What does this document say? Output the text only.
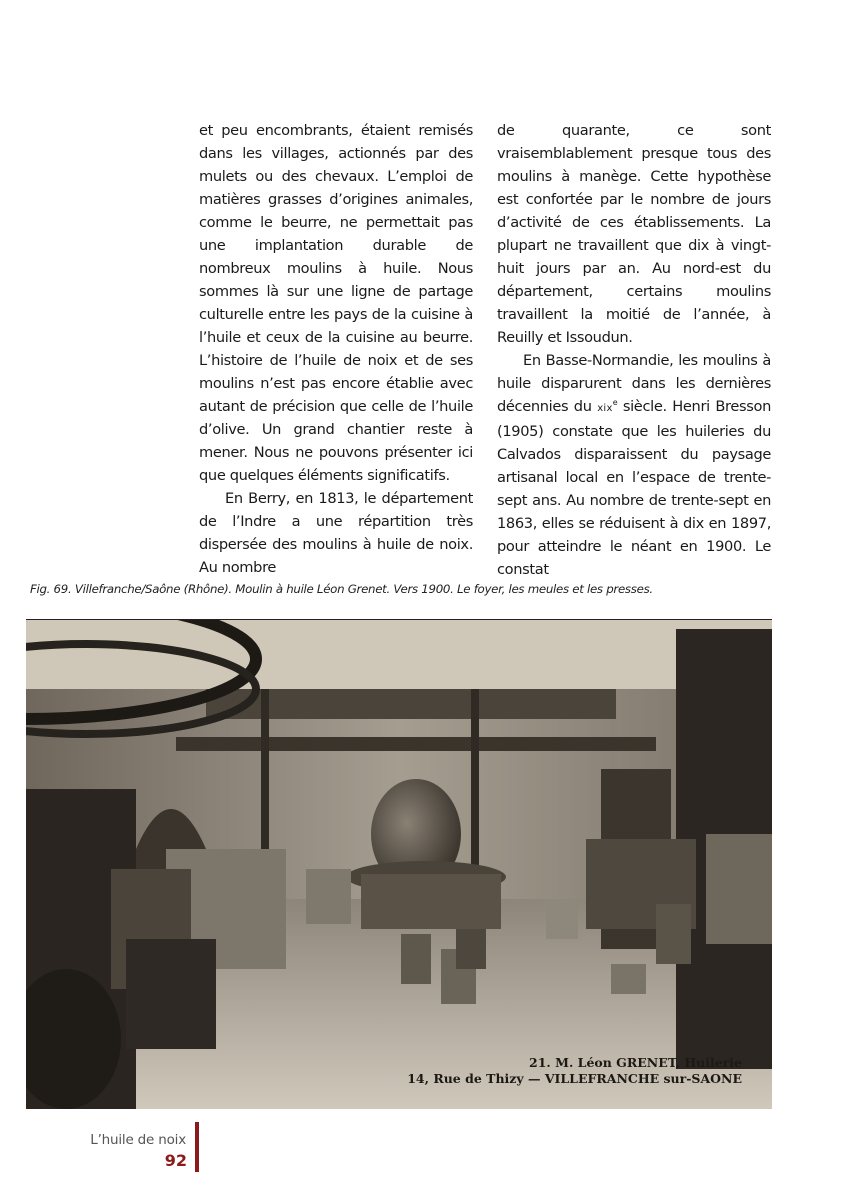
et peu encombrants, étaient remisés dans les villages, actionnés par des mulets ou des chevaux. L’emploi de matières grasses d’origines animales, comme le beurre, ne permettait pas une implantation durable de nombreux moulins à huile. Nous sommes là sur une ligne de partage culturelle entre les pays de la cuisine à l’huile et ceux de la cuisine au beurre. L’histoire de l’huile de noix et de ses moulins n’est pas encore établie avec autant de précision que celle de l’huile d’olive. Un grand chantier reste à mener. Nous ne pouvons présenter ici que quelques éléments significatifs.

En Berry, en 1813, le département de l’Indre a une répartition très dispersée des moulins à huile de noix. Au nombre

de quarante, ce sont vraisemblablement presque tous des moulins à manège. Cette hypothèse est confortée par le nombre de jours d’activité de ces établissements. La plupart ne travaillent que dix à vingt-huit jours par an. Au nord-est du département, certains moulins travaillent la moitié de l’année, à Reuilly et Issoudun.

En Basse-Normandie, les moulins à huile disparurent dans les dernières décennies du xix$^e$ siècle. Henri Bresson (1905) constate que les huileries du Calvados disparaissent du paysage artisanal local en l’espace de trente-sept ans. Au nombre de trente-sept en 1863, elles se réduisent à dix en 1897, pour atteindre le néant en 1900. Le constat

Fig. 69. Villefranche/Saône (Rhône). Moulin à huile Léon Grenet. Vers 1900. Le foyer, les meules et les presses.
21. M. Léon GRENET, Huilerie
14, Rue de Thizy — VILLEFRANCHE sur-SAONE
L’huile de noix
92
